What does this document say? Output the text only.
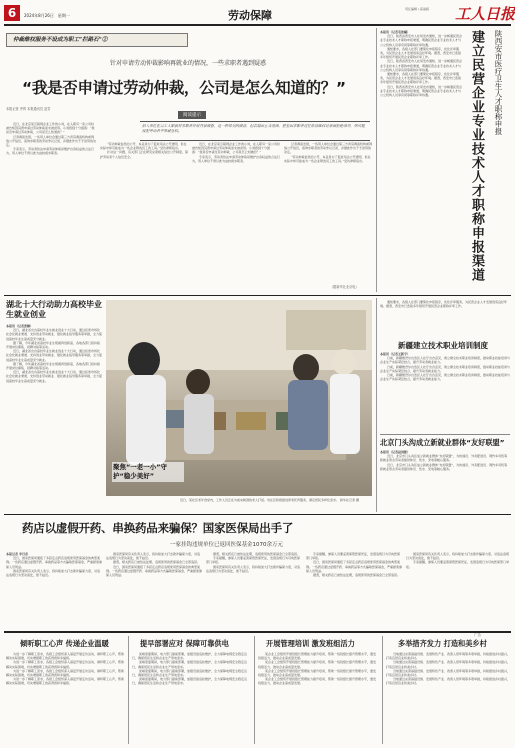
6	2024年8月26日　星期一	劳动保障	责任编辑 / 高丽娟 工人日报
仲裁维权服务不设成为职工“拦路石”②
针对申请劳动仲裁影响再就业的情况，一些求职者遇到疑惑
“我是否申请过劳动仲裁，公司是怎么知道的？”
本报记者 齐筠 本报通讯员 赵雪
阅读提示
招人单位在员工入职前对求职者开展背景调查，是一种常见的做法，但若超出正当范围，甚至因求职者过往依法维权记录而拒绝录用，则可能侵犯劳动者平等就业权。

近日，在北京某互联网企业工作的小刘，在入职另一家公司时被告知因其曾申请过劳动仲裁而未被录用。小刘感到十分困惑：“我是否申请过劳动仲裁，公司是怎么知道的？”

记者调查发现，一些用人单位会通过第三方背景调查机构或网络公开信息，查询求职者的劳动争议记录，并据此作出不予录用的决定。

专家表示，劳动者依法申请劳动仲裁是维护自身权益的合法行为，用人单位不得以此为由歧视求职者。

“劳动仲裁信息的公开，本意是为了促进司法公开透明，但在实际中却可能成为一些企业筛选员工的工具。”受访律师指出。

针对这一问题，有关部门正在研究完善相关信息公开制度，保护劳动者个人信息安全。

近日，在北京某互联网企业工作的小刘，在入职另一家公司时被告知因其曾申请过劳动仲裁而未被录用。小刘感到十分困惑：“我是否申请过劳动仲裁，公司是怎么知道的？”

专家表示，劳动者依法申请劳动仲裁是维护自身权益的合法行为，用人单位不得以此为由歧视求职者。

记者调查发现，一些用人单位会通过第三方背景调查机构或网络公开信息，查询求职者的劳动争议记录，并据此作出不予录用的决定。

“劳动仲裁信息的公开，本意是为了促进司法公开透明，但在实际中却可能成为一些企业筛选员工的工具。”受访律师指出。

（据新华社北京电）
陕西安市医疗卫生人才职称申报
建立民营企业专业技术人才职称申报渠道

本报讯（记者毛浓曦）

近日，陕西省西安市人社局发布通知，进一步畅通民营企业专业技术人才职称申报渠道，明确民营企业专业技术人才与公立机构人员享有同等职称评审待遇。

通知要求，各级人社部门要简化申报程序，优化评审服务，为民营企业人才发展创造良好环境。据悉，西安市已连续多年组织开展民营企业职称评审工作。

近日，陕西省西安市人社局发布通知，进一步畅通民营企业专业技术人才职称申报渠道，明确民营企业专业技术人才与公立机构人员享有同等职称评审待遇。

通知要求，各级人社部门要简化申报程序，优化评审服务，为民营企业人才发展创造良好环境。据悉，西安市已连续多年组织开展民营企业职称评审工作。

近日，陕西省西安市人社局发布通知，进一步畅通民营企业专业技术人才职称申报渠道，明确民营企业专业技术人才与公立机构人员享有同等职称评审待遇。

湖北十大行动助力高校毕业生就业创业

本报讯（记者张翀）

近日，湖北省出台高校毕业生就业创业十大行动，通过拓宽市场化社会化就业渠道、支持创业带动就业、强化就业指导服务等举措，全力促进高校毕业生高质量充分就业。

据了解，今年湖北省高校毕业生规模再创新高，各地各部门将持续开展岗位募集、招聘对接等活动。

近日，湖北省出台高校毕业生就业创业十大行动，通过拓宽市场化社会化就业渠道、支持创业带动就业、强化就业指导服务等举措，全力促进高校毕业生高质量充分就业。

据了解，今年湖北省高校毕业生规模再创新高，各地各部门将持续开展岗位募集、招聘对接等活动。

近日，湖北省出台高校毕业生就业创业十大行动，通过拓宽市场化社会化就业渠道、支持创业带动就业、强化就业指导服务等举措，全力促进高校毕业生高质量充分就业。

聚焦“一老一小”守护“稳少美好”
近日，某社区老年食堂内，工作人员正在为前来就餐的老人打饭。该社区积极推进养老托育服务，满足居民多样化需求。 新华社记者 摄

通知要求，各级人社部门要简化申报程序，优化评审服务，为民营企业人才发展创造良好环境。据悉，西安市已连续多年组织开展民营企业职称评审工作。

新疆建立技术职业培训制度

本报讯（记者王新宇）

日前，新疆维吾尔自治区人社厅出台意见，建立健全技术职业培训制度，推动职业技能培训与企业生产实际紧密结合，提升劳动者就业能力。

日前，新疆维吾尔自治区人社厅出台意见，建立健全技术职业培训制度，推动职业技能培训与企业生产实际紧密结合，提升劳动者就业能力。

日前，新疆维吾尔自治区人社厅出台意见，建立健全技术职业培训制度，推动职业技能培训与企业生产实际紧密结合，提升劳动者就业能力。

北京门头沟成立新就业群体“友好联盟”

本报讯（记者赵剑影）

近日，北京市门头沟区成立新就业群体“友好联盟”，为快递员、外卖配送员、网约车司机等新就业形态劳动者提供休息、饮水、充电等暖心服务。

近日，北京市门头沟区成立新就业群体“友好联盟”，为快递员、外卖配送员、网约车司机等新就业形态劳动者提供休息、饮水、充电等暖心服务。

药店以虚假开药、串换药品来骗保？国家医保局出手了
一家挂钩违规单位已返回医保基金1070余万元

本报记者 李丹青

近日，国家医保局通报了多起定点药店违规使用医保基金的典型案例。一些药店通过虚假开药、串换药品等方式骗取医保基金，严重损害参保人员利益。

国家医保局有关负责人表示，将持续加大打击欺诈骗保力度，对违法违规行为坚决查处，绝不姑息。

国家医保局有关负责人表示，将持续加大打击欺诈骗保力度，对违法违规行为坚决查处，绝不姑息。

据悉，相关药店已被依法处理，违规使用的医保基金已全部追回。

近日，国家医保局通报了多起定点药店违规使用医保基金的典型案例。一些药店通过虚假开药、串换药品等方式骗取医保基金，严重损害参保人员利益。

据悉，相关药店已被依法处理，违规使用的医保基金已全部追回。

专家提醒，参保人员要妥善保管医保凭证，发现违规行为可向医保部门举报。

国家医保局有关负责人表示，将持续加大打击欺诈骗保力度，对违法违规行为坚决查处，绝不姑息。

专家提醒，参保人员要妥善保管医保凭证，发现违规行为可向医保部门举报。

近日，国家医保局通报了多起定点药店违规使用医保基金的典型案例。一些药店通过虚假开药、串换药品等方式骗取医保基金，严重损害参保人员利益。

据悉，相关药店已被依法处理，违规使用的医保基金已全部追回。

国家医保局有关负责人表示，将持续加大打击欺诈骗保力度，对违法违规行为坚决查处，绝不姑息。

专家提醒，参保人员要妥善保管医保凭证，发现违规行为可向医保部门举报。

广告
倾听职工心声 传递企业温暖

为进一步了解职工需求，各级工会组织深入基层开展走访活动，倾听职工心声，帮助解决实际困难，切实增强职工的获得感和幸福感。

为进一步了解职工需求，各级工会组织深入基层开展走访活动，倾听职工心声，帮助解决实际困难，切实增强职工的获得感和幸福感。

为进一步了解职工需求，各级工会组织深入基层开展走访活动，倾听职工心声，帮助解决实际困难，切实增强职工的获得感和幸福感。

为进一步了解职工需求，各级工会组织深入基层开展走访活动，倾听职工心声，帮助解决实际困难，切实增强职工的获得感和幸福感。

提早部署应对 保障可靠供电

迎峰度夏期间，电力部门提前部署，加强设备巡检维护，全力保障电网安全稳定运行，确保居民生活和企业生产用电需求。

迎峰度夏期间，电力部门提前部署，加强设备巡检维护，全力保障电网安全稳定运行，确保居民生活和企业生产用电需求。

迎峰度夏期间，电力部门提前部署，加强设备巡检维护，全力保障电网安全稳定运行，确保居民生活和企业生产用电需求。

迎峰度夏期间，电力部门提前部署，加强设备巡检维护，全力保障电网安全稳定运行，确保居民生活和企业生产用电需求。

开展管理培训 激发班组活力

某企业工会组织开展班组长管理能力提升培训，帮助一线班组长提升管理水平，激发班组活力，推动企业高质量发展。

某企业工会组织开展班组长管理能力提升培训，帮助一线班组长提升管理水平，激发班组活力，推动企业高质量发展。

某企业工会组织开展班组长管理能力提升培训，帮助一线班组长提升管理水平，激发班组活力，推动企业高质量发展。

某企业工会组织开展班组长管理能力提升培训，帮助一线班组长提升管理水平，激发班组活力，推动企业高质量发展。

多举措齐发力 打造和美乡村

当地通过完善基础设施、发展特色产业、改善人居环境等多项举措，持续推进乡村振兴，打造宜居宜业和美乡村。

当地通过完善基础设施、发展特色产业、改善人居环境等多项举措，持续推进乡村振兴，打造宜居宜业和美乡村。

当地通过完善基础设施、发展特色产业、改善人居环境等多项举措，持续推进乡村振兴，打造宜居宜业和美乡村。

当地通过完善基础设施、发展特色产业、改善人居环境等多项举措，持续推进乡村振兴，打造宜居宜业和美乡村。
